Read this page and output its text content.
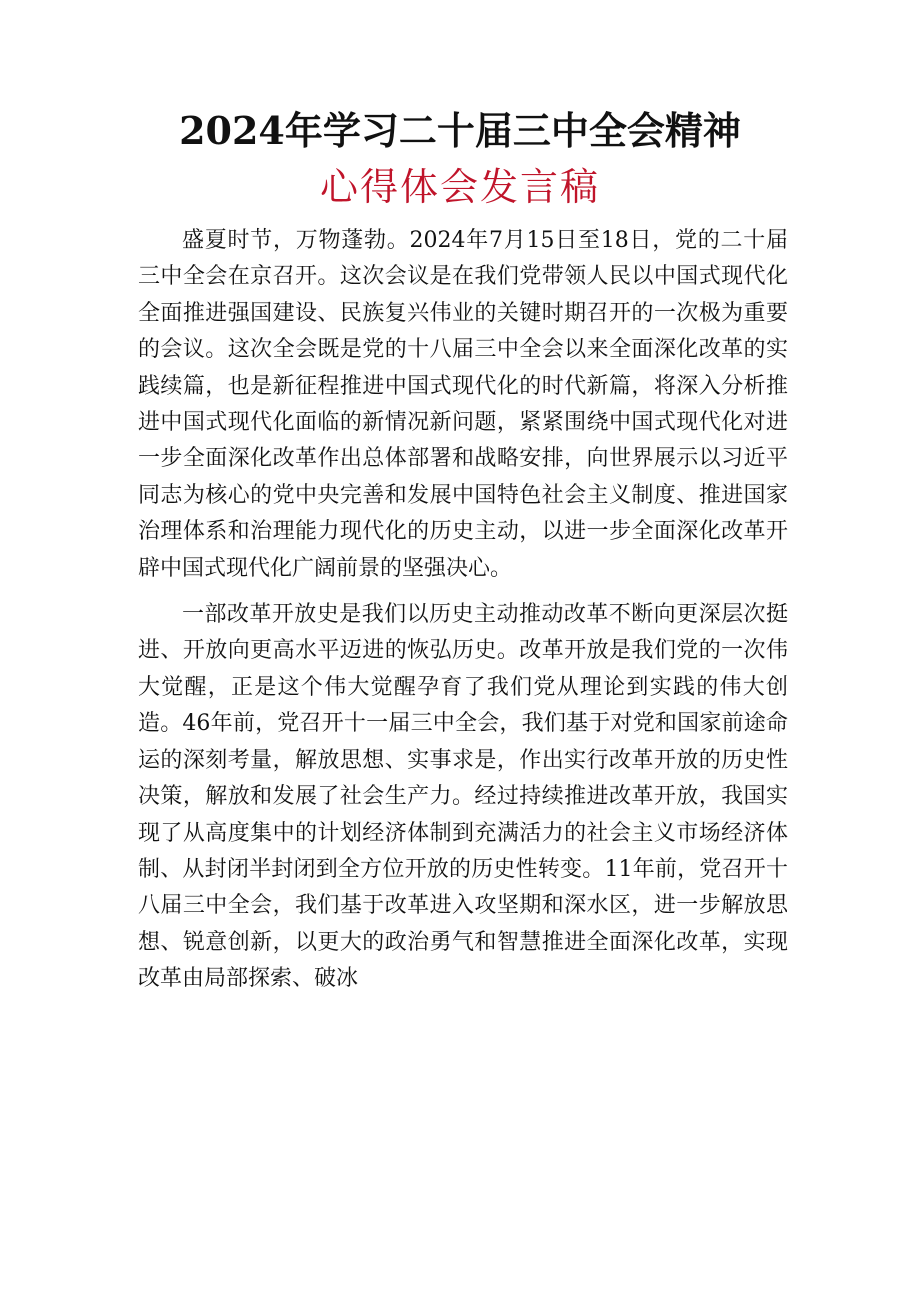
2024年学习二十届三中全会精神
心得体会发言稿

盛夏时节，万物蓬勃。2024年7月15日至18日，党的二十届三中全会在京召开。这次会议是在我们党带领人民以中国式现代化全面推进强国建设、民族复兴伟业的关键时期召开的一次极为重要的会议。这次全会既是党的十八届三中全会以来全面深化改革的实践续篇，也是新征程推进中国式现代化的时代新篇，将深入分析推进中国式现代化面临的新情况新问题，紧紧围绕中国式现代化对进一步全面深化改革作出总体部署和战略安排，向世界展示以习近平同志为核心的党中央完善和发展中国特色社会主义制度、推进国家治理体系和治理能力现代化的历史主动，以进一步全面深化改革开辟中国式现代化广阔前景的坚强决心。

一部改革开放史是我们以历史主动推动改革不断向更深层次挺进、开放向更高水平迈进的恢弘历史。改革开放是我们党的一次伟大觉醒，正是这个伟大觉醒孕育了我们党从理论到实践的伟大创造。46年前，党召开十一届三中全会，我们基于对党和国家前途命运的深刻考量，解放思想、实事求是，作出实行改革开放的历史性决策，解放和发展了社会生产力。经过持续推进改革开放，我国实现了从高度集中的计划经济体制到充满活力的社会主义市场经济体制、从封闭半封闭到全方位开放的历史性转变。11年前，党召开十八届三中全会，我们基于改革进入攻坚期和深水区，进一步解放思想、锐意创新，以更大的政治勇气和智慧推进全面深化改革，实现改革由局部探索、破冰
